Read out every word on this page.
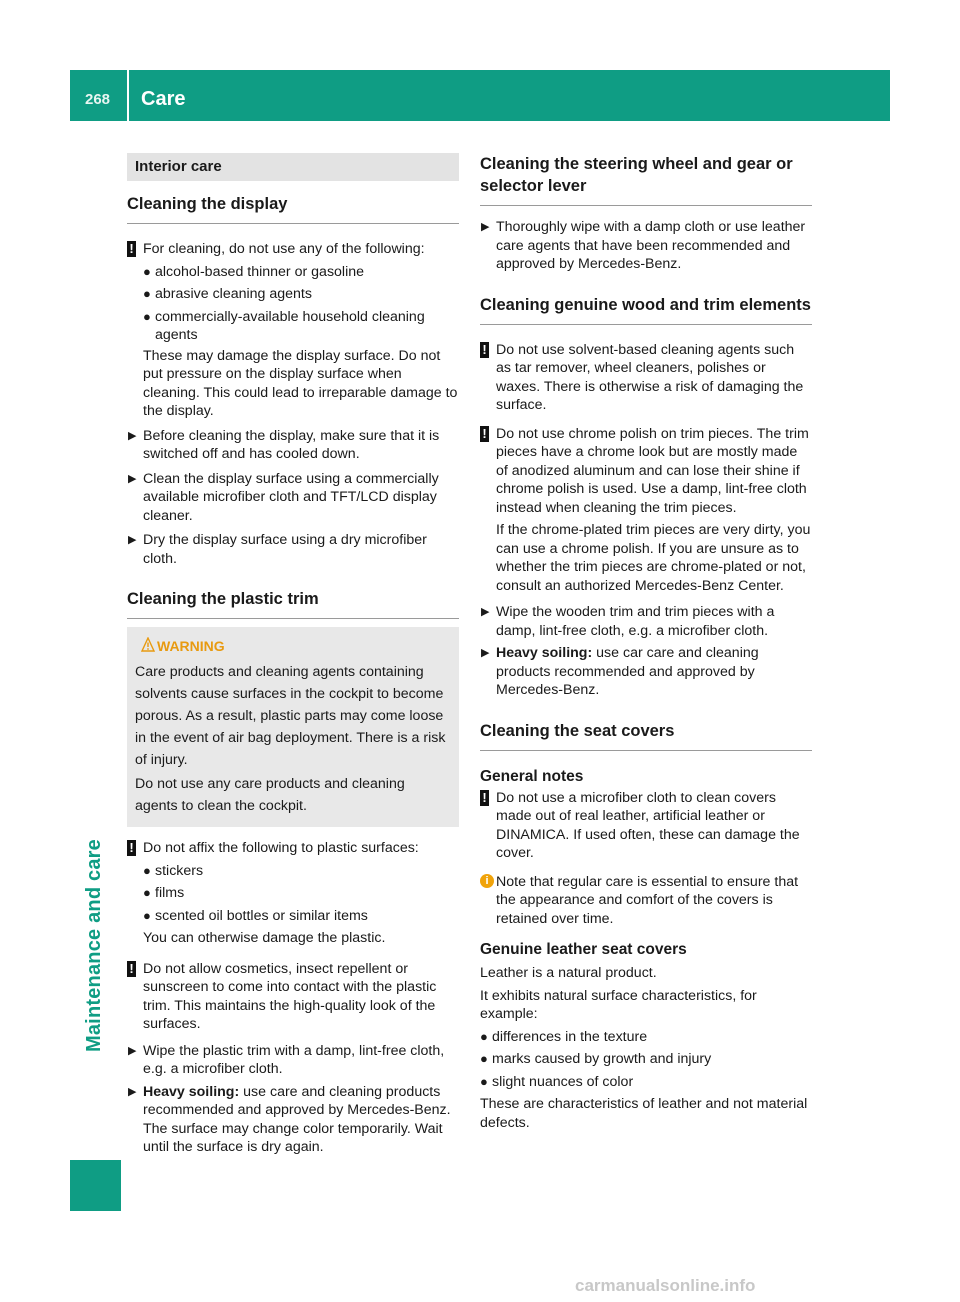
268 Care
Maintenance and care
Interior care
Cleaning the display
! For cleaning, do not use any of the following:
● alcohol-based thinner or gasoline
● abrasive cleaning agents
● commercially-available household cleaning agents
These may damage the display surface. Do not put pressure on the display surface when cleaning. This could lead to irreparable damage to the display.
▶ Before cleaning the display, make sure that it is switched off and has cooled down.
▶ Clean the display surface using a commercially available microfiber cloth and TFT/LCD display cleaner.
▶ Dry the display surface using a dry microfiber cloth.
Cleaning the plastic trim
WARNING

Care products and cleaning agents containing solvents cause surfaces in the cockpit to become porous. As a result, plastic parts may come loose in the event of air bag deployment. There is a risk of injury.

Do not use any care products and cleaning agents to clean the cockpit.

! Do not affix the following to plastic surfaces:
● stickers
● films
● scented oil bottles or similar items
You can otherwise damage the plastic.
! Do not allow cosmetics, insect repellent or sunscreen to come into contact with the plastic trim. This maintains the high-quality look of the surfaces.
▶ Wipe the plastic trim with a damp, lint-free cloth, e.g. a microfiber cloth.
▶ Heavy soiling: use care and cleaning products recommended and approved by Mercedes-Benz.
The surface may change color temporarily. Wait until the surface is dry again.
Cleaning the steering wheel and gear or selector lever
▶ Thoroughly wipe with a damp cloth or use leather care agents that have been recommended and approved by Mercedes-Benz.
Cleaning genuine wood and trim elements
! Do not use solvent-based cleaning agents such as tar remover, wheel cleaners, polishes or waxes. There is otherwise a risk of damaging the surface.
! Do not use chrome polish on trim pieces. The trim pieces have a chrome look but are mostly made of anodized aluminum and can lose their shine if chrome polish is used. Use a damp, lint-free cloth instead when cleaning the trim pieces.
If the chrome-plated trim pieces are very dirty, you can use a chrome polish. If you are unsure as to whether the trim pieces are chrome-plated or not, consult an authorized Mercedes-Benz Center.
▶ Wipe the wooden trim and trim pieces with a damp, lint-free cloth, e.g. a microfiber cloth.
▶ Heavy soiling: use car care and cleaning products recommended and approved by Mercedes-Benz.
Cleaning the seat covers
General notes
! Do not use a microfiber cloth to clean covers made out of real leather, artificial leather or DINAMICA. If used often, these can damage the cover.
i Note that regular care is essential to ensure that the appearance and comfort of the covers is retained over time.
Genuine leather seat covers
Leather is a natural product.
It exhibits natural surface characteristics, for example:
● differences in the texture
● marks caused by growth and injury
● slight nuances of color
These are characteristics of leather and not material defects.
carmanualsonline.info
